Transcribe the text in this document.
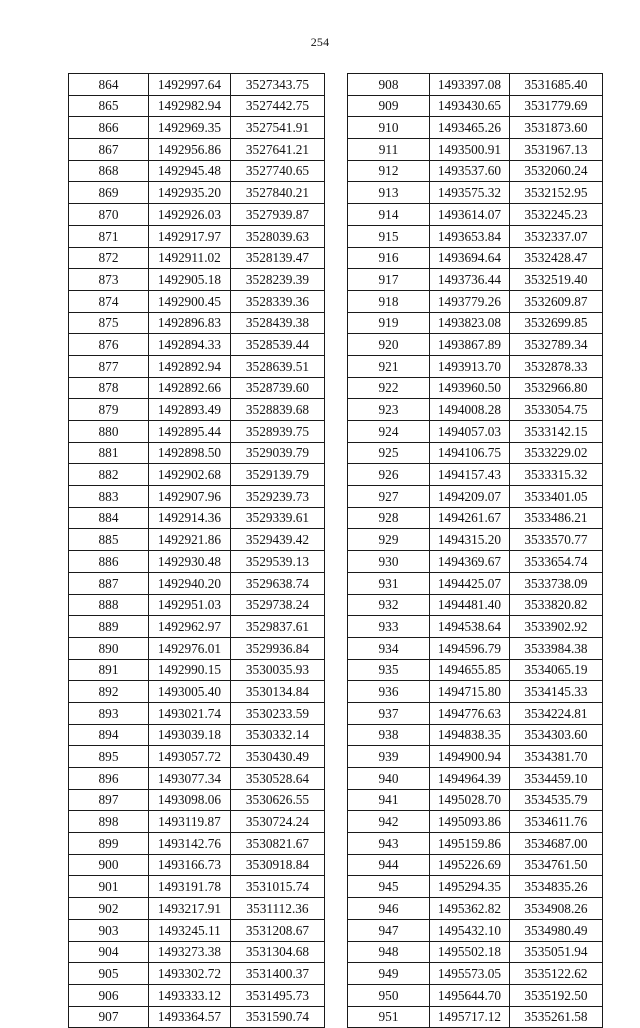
254
864	1492997.64	3527343.75
865	1492982.94	3527442.75
866	1492969.35	3527541.91
867	1492956.86	3527641.21
868	1492945.48	3527740.65
869	1492935.20	3527840.21
870	1492926.03	3527939.87
871	1492917.97	3528039.63
872	1492911.02	3528139.47
873	1492905.18	3528239.39
874	1492900.45	3528339.36
875	1492896.83	3528439.38
876	1492894.33	3528539.44
877	1492892.94	3528639.51
878	1492892.66	3528739.60
879	1492893.49	3528839.68
880	1492895.44	3528939.75
881	1492898.50	3529039.79
882	1492902.68	3529139.79
883	1492907.96	3529239.73
884	1492914.36	3529339.61
885	1492921.86	3529439.42
886	1492930.48	3529539.13
887	1492940.20	3529638.74
888	1492951.03	3529738.24
889	1492962.97	3529837.61
890	1492976.01	3529936.84
891	1492990.15	3530035.93
892	1493005.40	3530134.84
893	1493021.74	3530233.59
894	1493039.18	3530332.14
895	1493057.72	3530430.49
896	1493077.34	3530528.64
897	1493098.06	3530626.55
898	1493119.87	3530724.24
899	1493142.76	3530821.67
900	1493166.73	3530918.84
901	1493191.78	3531015.74
902	1493217.91	3531112.36
903	1493245.11	3531208.67
904	1493273.38	3531304.68
905	1493302.72	3531400.37
906	1493333.12	3531495.73
907	1493364.57	3531590.74
908	1493397.08	3531685.40
909	1493430.65	3531779.69
910	1493465.26	3531873.60
911	1493500.91	3531967.13
912	1493537.60	3532060.24
913	1493575.32	3532152.95
914	1493614.07	3532245.23
915	1493653.84	3532337.07
916	1493694.64	3532428.47
917	1493736.44	3532519.40
918	1493779.26	3532609.87
919	1493823.08	3532699.85
920	1493867.89	3532789.34
921	1493913.70	3532878.33
922	1493960.50	3532966.80
923	1494008.28	3533054.75
924	1494057.03	3533142.15
925	1494106.75	3533229.02
926	1494157.43	3533315.32
927	1494209.07	3533401.05
928	1494261.67	3533486.21
929	1494315.20	3533570.77
930	1494369.67	3533654.74
931	1494425.07	3533738.09
932	1494481.40	3533820.82
933	1494538.64	3533902.92
934	1494596.79	3533984.38
935	1494655.85	3534065.19
936	1494715.80	3534145.33
937	1494776.63	3534224.81
938	1494838.35	3534303.60
939	1494900.94	3534381.70
940	1494964.39	3534459.10
941	1495028.70	3534535.79
942	1495093.86	3534611.76
943	1495159.86	3534687.00
944	1495226.69	3534761.50
945	1495294.35	3534835.26
946	1495362.82	3534908.26
947	1495432.10	3534980.49
948	1495502.18	3535051.94
949	1495573.05	3535122.62
950	1495644.70	3535192.50
951	1495717.12	3535261.58
